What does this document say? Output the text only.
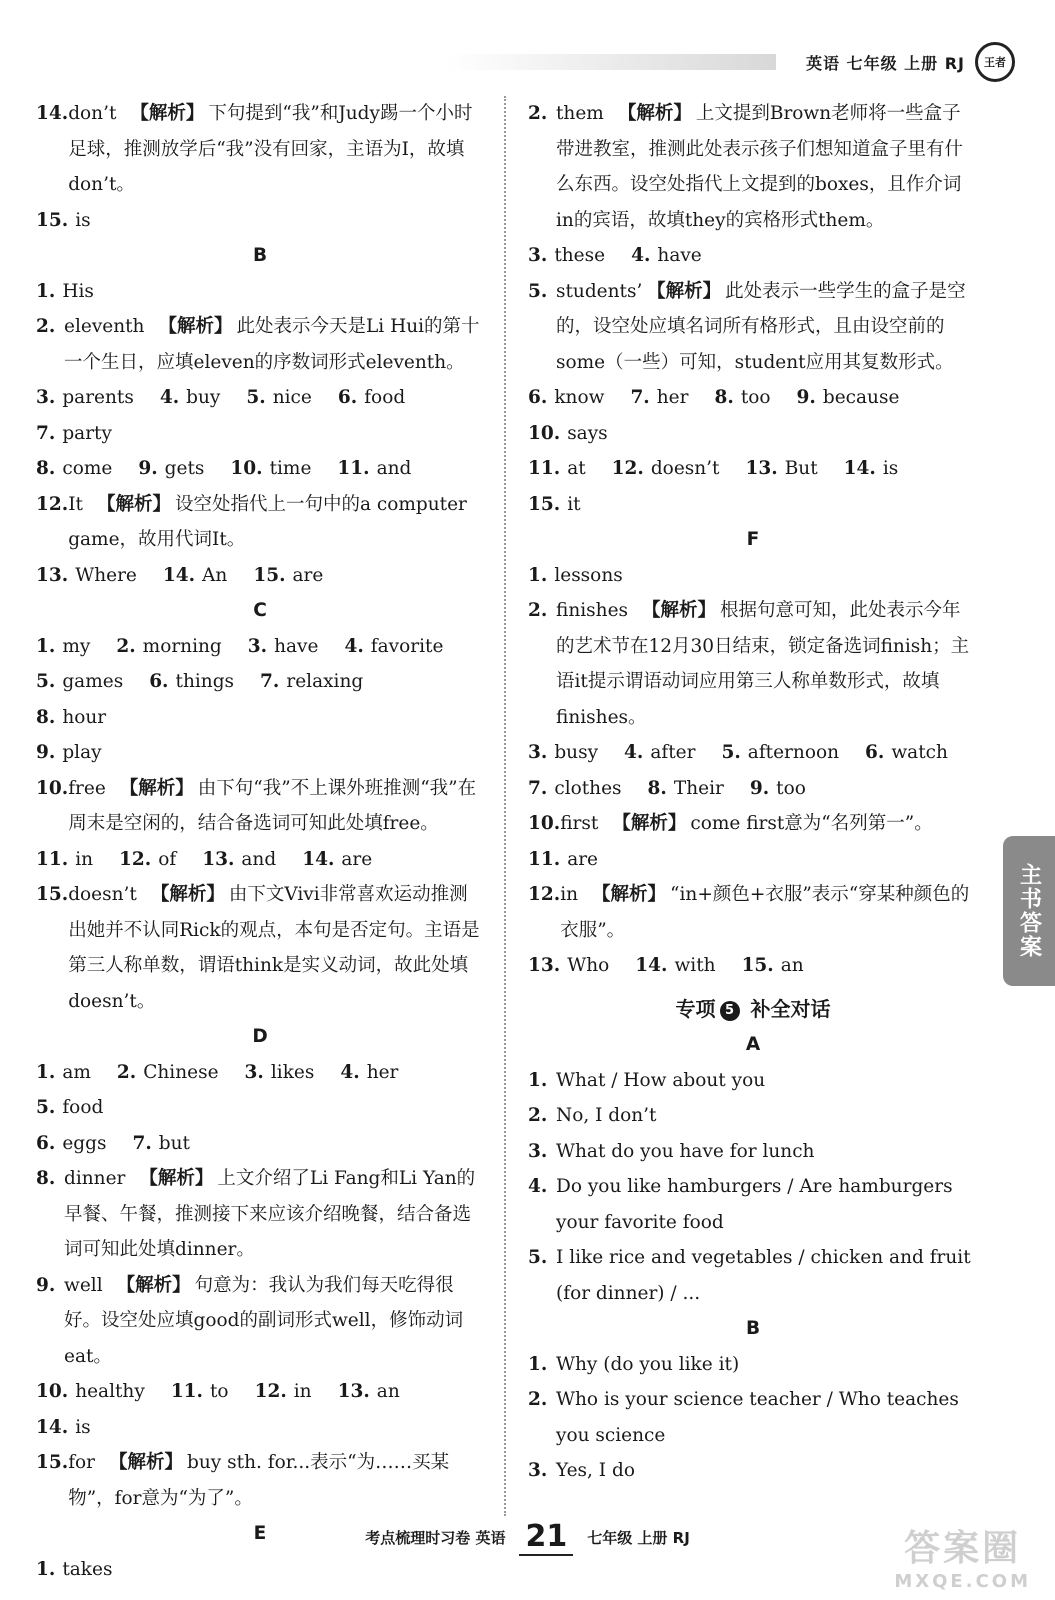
英语 七年级 上册 RJ 王者
14. don’t 【解析】 下句提到“我”和Judy踢一个小时足球，推测放学后“我”没有回家，主语为I，故填don’t。
15. is
B
1. His
2. eleventh 【解析】 此处表示今天是Li Hui的第十一个生日，应填eleven的序数词形式eleventh。
3. parents 4. buy 5. nice 6. food
7. party
8. come 9. gets 10. time 11. and
12. It 【解析】 设空处指代上一句中的a computer game，故用代词It。
13. Where 14. An 15. are
C
1. my 2. morning 3. have 4. favorite
5. games 6. things 7. relaxing
8. hour
9. play
10. free 【解析】 由下句“我”不上课外班推测“我”在周末是空闲的，结合备选词可知此处填free。
11. in 12. of 13. and 14. are
15. doesn’t 【解析】 由下文Vivi非常喜欢运动推测出她并不认同Rick的观点，本句是否定句。主语是第三人称单数，谓语think是实义动词，故此处填doesn’t。
D
1. am 2. Chinese 3. likes 4. her
5. food
6. eggs 7. but
8. dinner 【解析】 上文介绍了Li Fang和Li Yan的早餐、午餐，推测接下来应该介绍晚餐，结合备选词可知此处填dinner。
9. well 【解析】 句意为：我认为我们每天吃得很好。设空处应填good的副词形式well，修饰动词eat。
10. healthy 11. to 12. in 13. an
14. is
15. for 【解析】 buy sth. for...表示“为……买某物”，for意为“为了”。
E
1. takes
2. them 【解析】 上文提到Brown老师将一些盒子带进教室，推测此处表示孩子们想知道盒子里有什么东西。设空处指代上文提到的boxes，且作介词in的宾语，故填they的宾格形式them。
3. these 4. have
5. students’ 【解析】 此处表示一些学生的盒子是空的，设空处应填名词所有格形式，且由设空前的some（一些）可知，student应用其复数形式。
6. know 7. her 8. too 9. because
10. says
11. at 12. doesn’t 13. But 14. is
15. it
F
1. lessons
2. finishes 【解析】 根据句意可知，此处表示今年的艺术节在12月30日结束，锁定备选词finish；主语it提示谓语动词应用第三人称单数形式，故填finishes。
3. busy 4. after 5. afternoon 6. watch
7. clothes 8. Their 9. too
10. first 【解析】 come first意为“名列第一”。
11. are
12. in 【解析】 “in+颜色+衣服”表示“穿某种颜色的衣服”。
13. Who 14. with 15. an
专项 5 补全对话
A
1. What / How about you
2. No, I don’t
3. What do you have for lunch
4. Do you like hamburgers / Are hamburgers your favorite food
5. I like rice and vegetables / chicken and fruit (for dinner) / ...
B
1. Why (do you like it)
2. Who is your science teacher / Who teaches you science
3. Yes, I do
主书答案
考点梳理时习卷 英语 21	七年级 上册 RJ	答案圈
MXQE.COM
